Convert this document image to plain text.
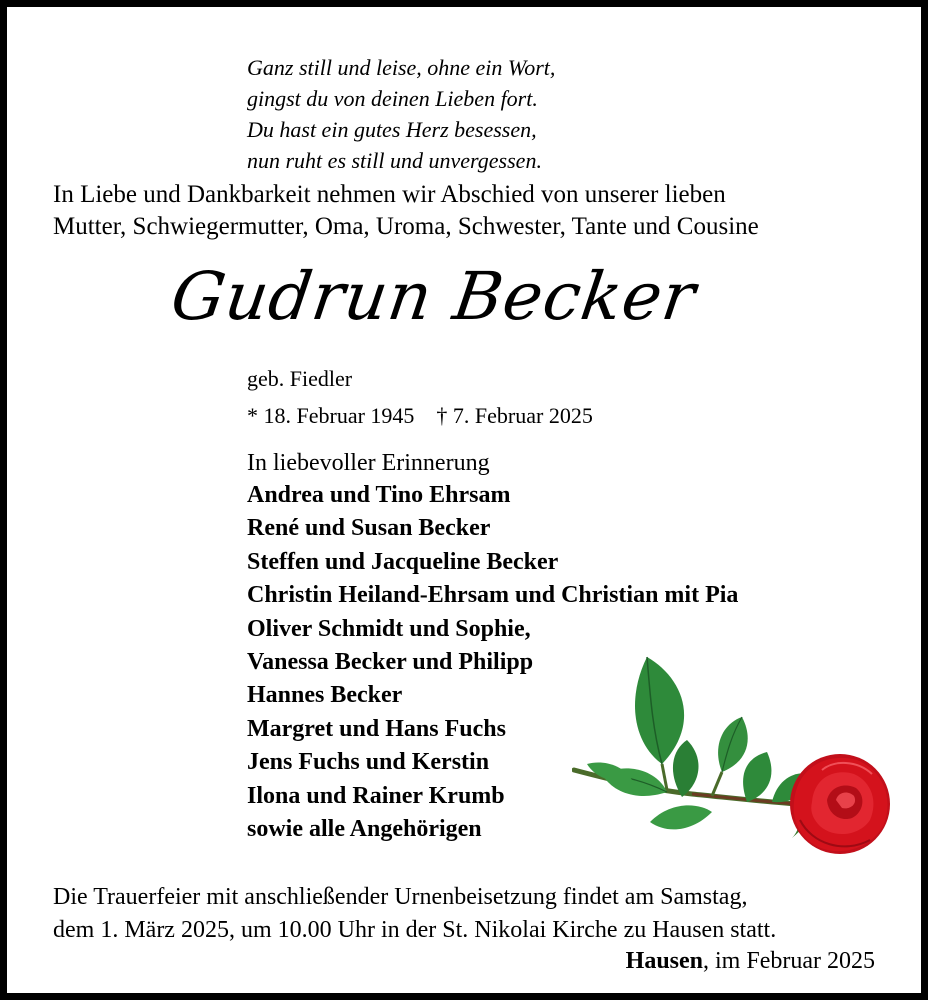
Ganz still und leise, ohne ein Wort,
gingst du von deinen Lieben fort.
Du hast ein gutes Herz besessen,
nun ruht es still und unvergessen.
In Liebe und Dankbarkeit nehmen wir Abschied von unserer lieben
Mutter, Schwiegermutter, Oma, Uroma, Schwester, Tante und Cousine
Gudrun Becker
geb. Fiedler
* 18. Februar 1945 † 7. Februar 2025
In liebevoller Erinnerung
Andrea und Tino Ehrsam
René und Susan Becker
Steffen und Jacqueline Becker
Christin Heiland-Ehrsam und Christian mit Pia
Oliver Schmidt und Sophie,
Vanessa Becker und Philipp
Hannes Becker
Margret und Hans Fuchs
Jens Fuchs und Kerstin
Ilona und Rainer Krumb
sowie alle Angehörigen
Die Trauerfeier mit anschließender Urnenbeisetzung findet am Samstag,
dem 1. März 2025, um 10.00 Uhr in der St. Nikolai Kirche zu Hausen statt.
Hausen, im Februar 2025
